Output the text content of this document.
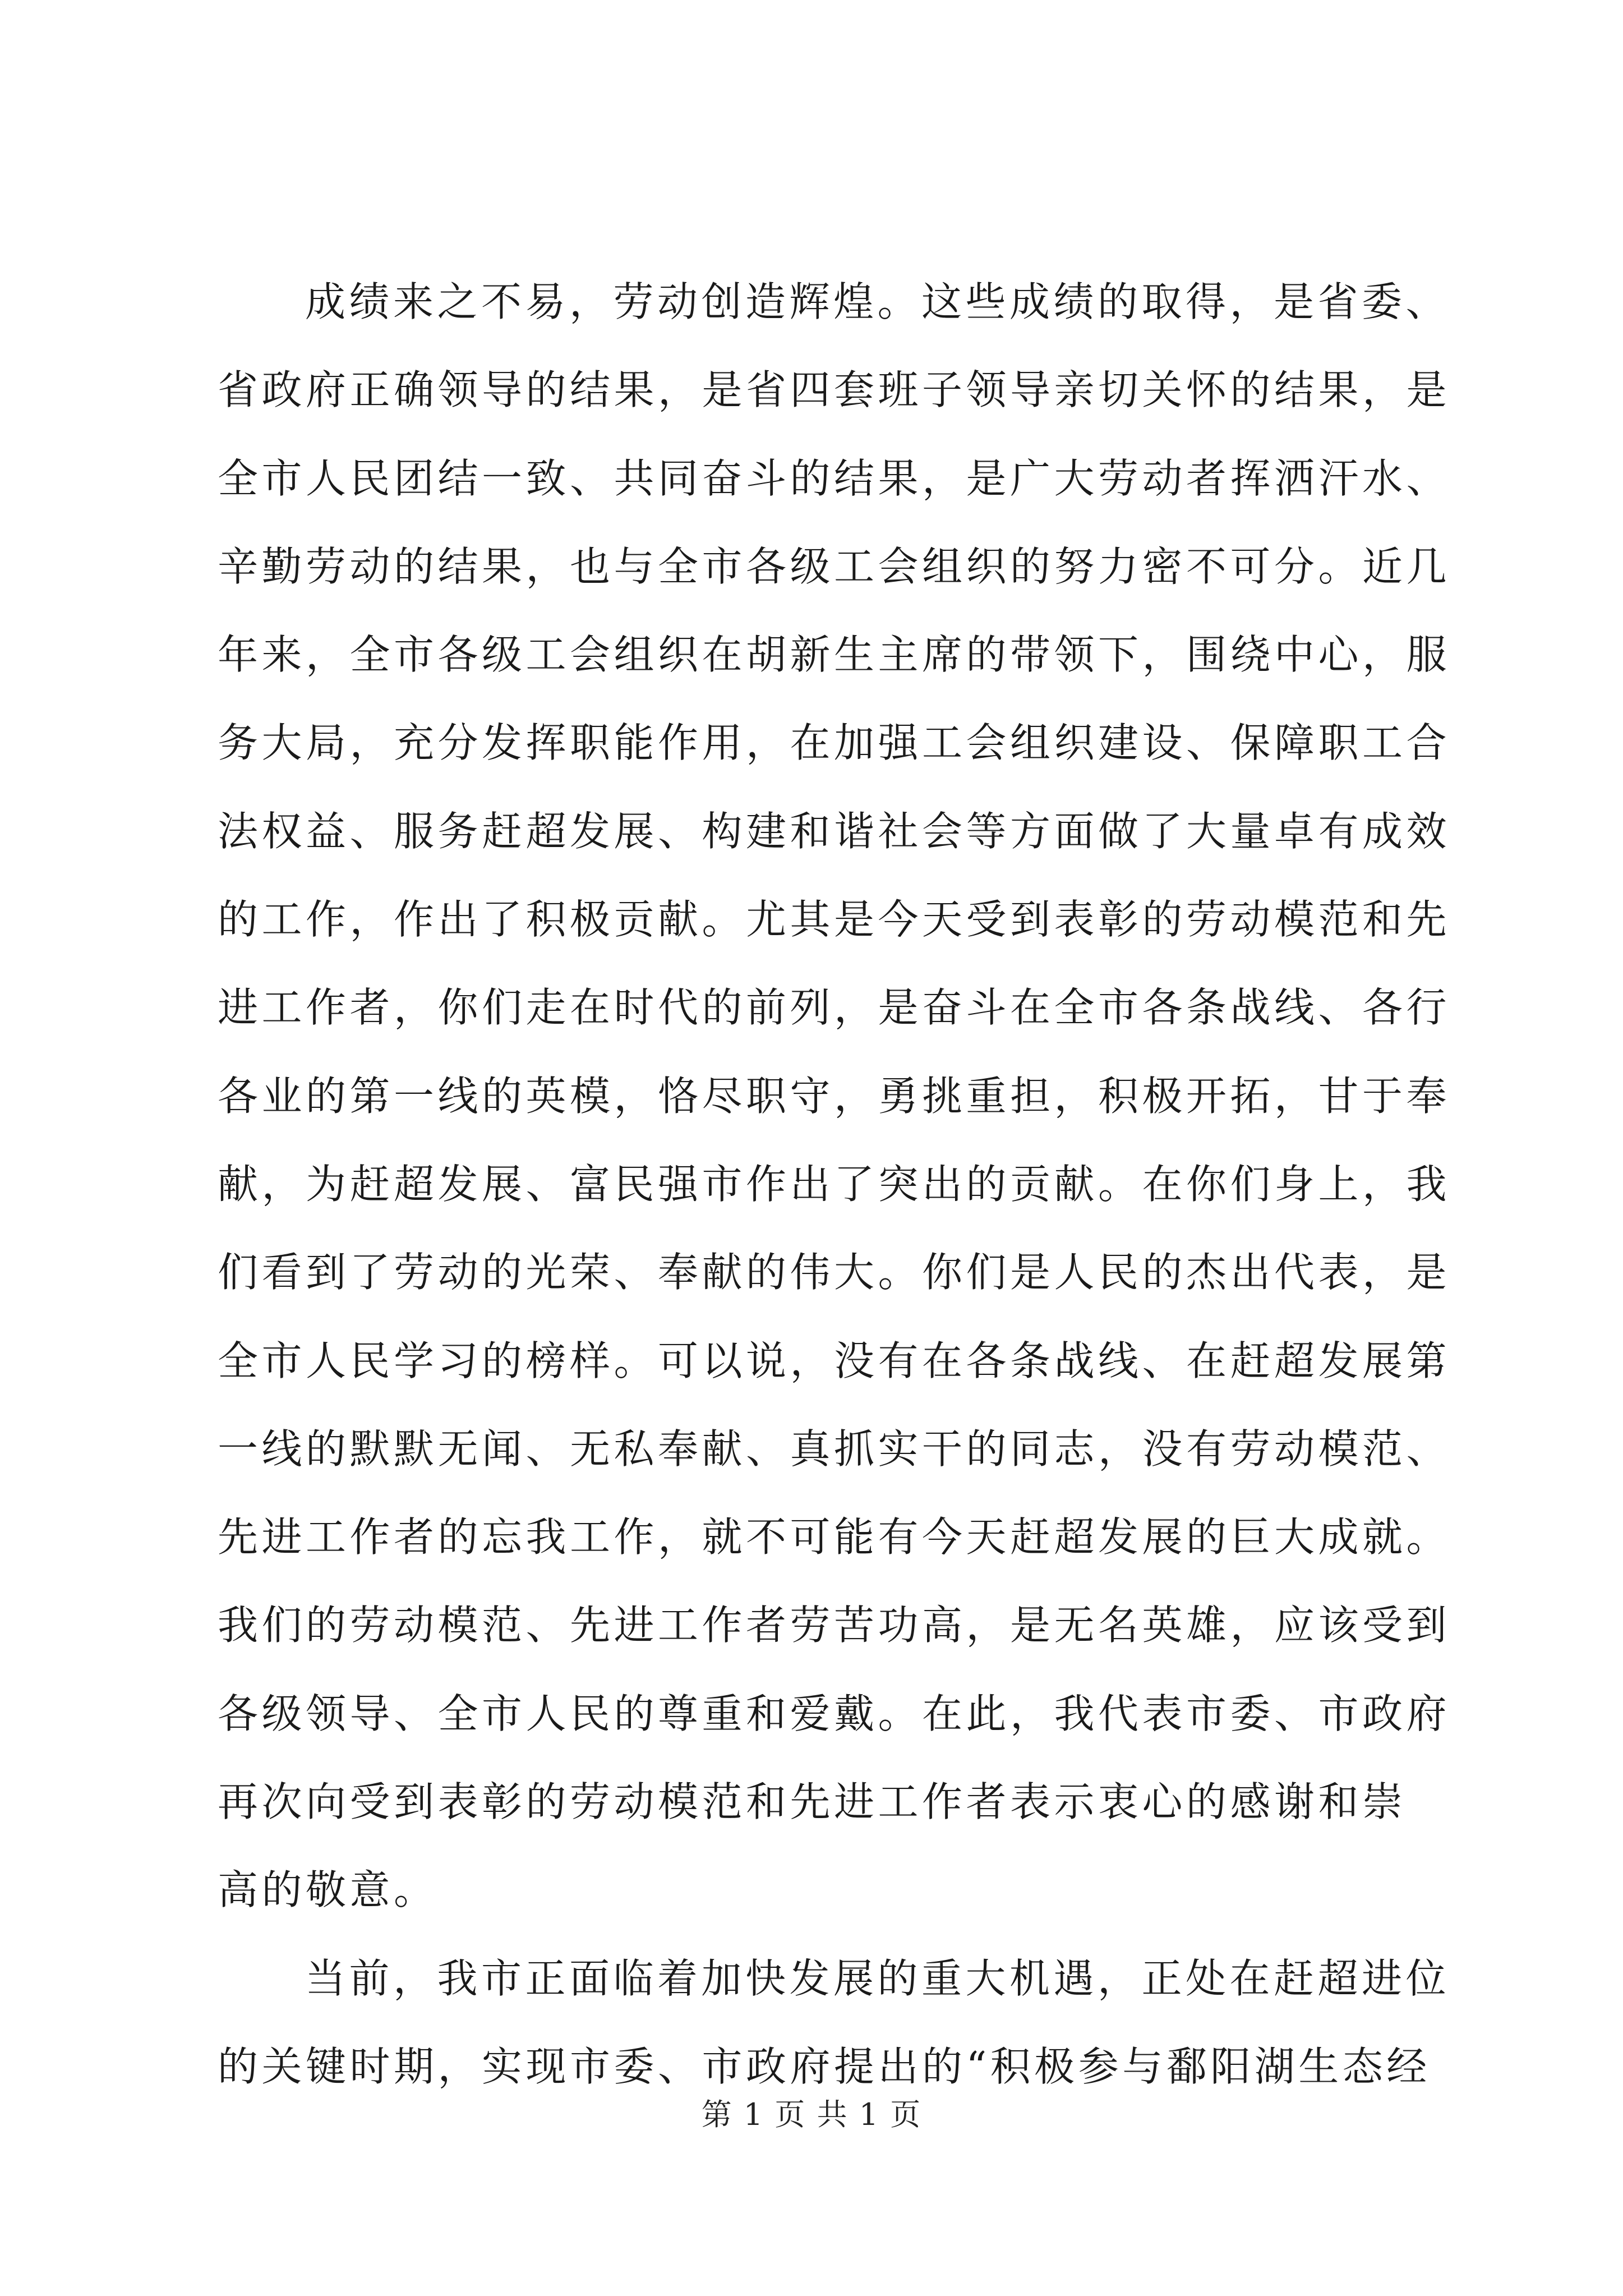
成绩来之不易，劳动创造辉煌。这些成绩的取得，是省委、
省政府正确领导的结果，是省四套班子领导亲切关怀的结果，是
全市人民团结一致、共同奋斗的结果，是广大劳动者挥洒汗水、
辛勤劳动的结果，也与全市各级工会组织的努力密不可分。近几
年来，全市各级工会组织在胡新生主席的带领下，围绕中心，服
务大局，充分发挥职能作用，在加强工会组织建设、保障职工合
法权益、服务赶超发展、构建和谐社会等方面做了大量卓有成效
的工作，作出了积极贡献。尤其是今天受到表彰的劳动模范和先
进工作者，你们走在时代的前列，是奋斗在全市各条战线、各行
各业的第一线的英模，恪尽职守，勇挑重担，积极开拓，甘于奉
献，为赶超发展、富民强市作出了突出的贡献。在你们身上，我
们看到了劳动的光荣、奉献的伟大。你们是人民的杰出代表，是
全市人民学习的榜样。可以说，没有在各条战线、在赶超发展第
一线的默默无闻、无私奉献、真抓实干的同志，没有劳动模范、
先进工作者的忘我工作，就不可能有今天赶超发展的巨大成就。
我们的劳动模范、先进工作者劳苦功高，是无名英雄，应该受到
各级领导、全市人民的尊重和爱戴。在此，我代表市委、市政府
再次向受到表彰的劳动模范和先进工作者表示衷心的感谢和崇
高的敬意。
当前，我市正面临着加快发展的重大机遇，正处在赶超进位
的关键时期，实现市委、市政府提出的“积极参与鄱阳湖生态经
第 1 页 共 1 页
